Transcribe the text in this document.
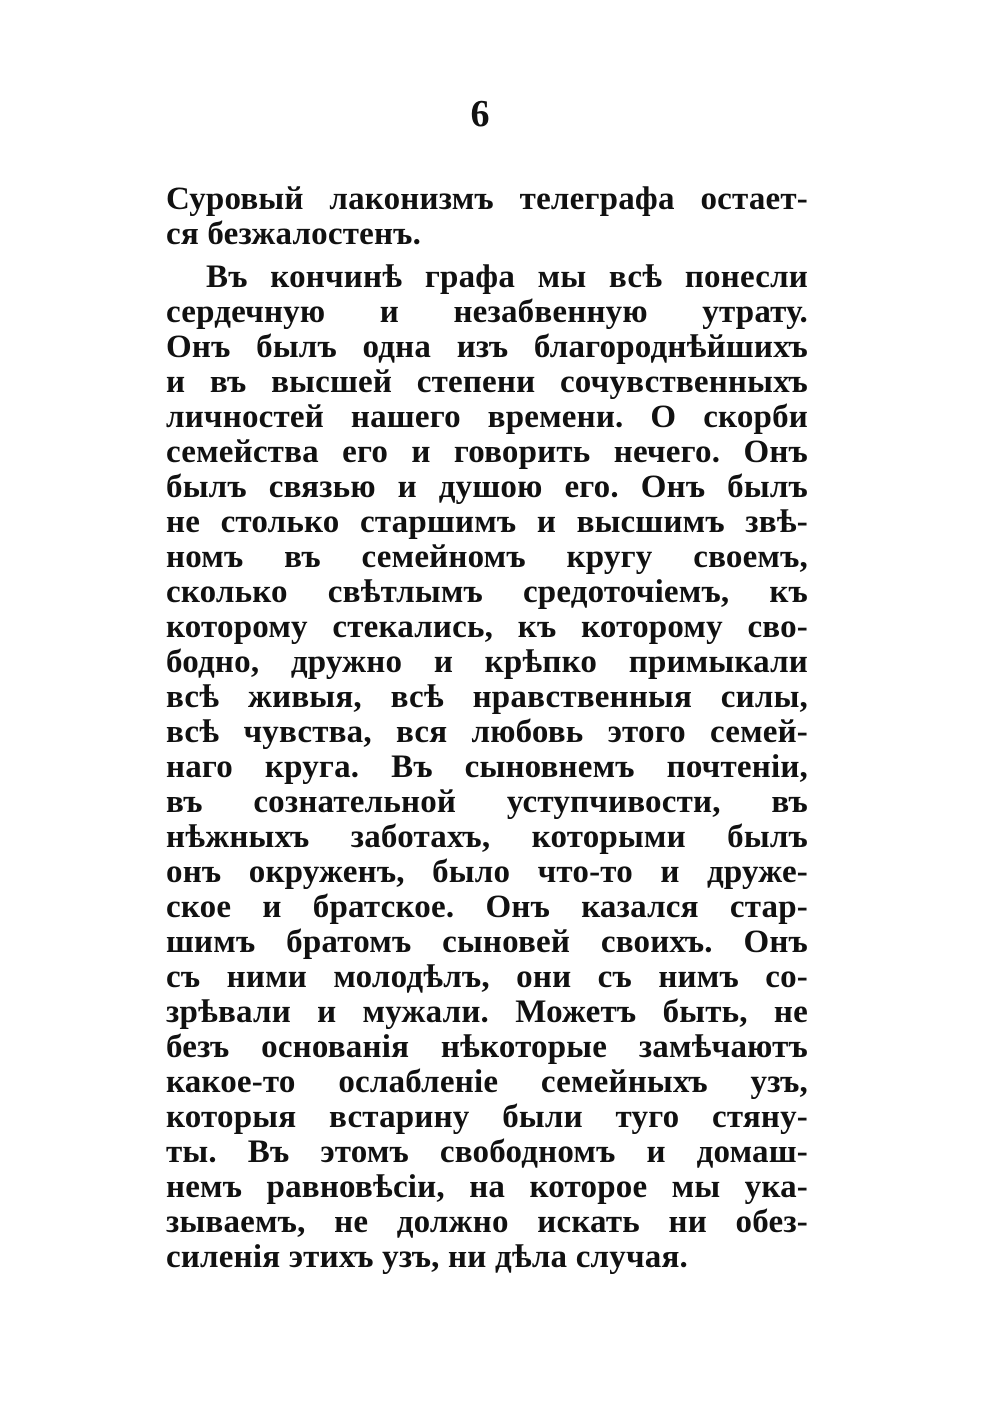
6
Суровый лаконизмъ телеграфа остает-
ся безжалостенъ.
Въ кончинѣ графа мы всѣ понесли
сердечную и незабвенную утрату.
Онъ былъ одна изъ благороднѣйшихъ
и въ высшей степени сочувственныхъ
личностей нашего времени. О скорби
семейства его и говорить нечего. Онъ
былъ связью и душою его. Онъ былъ
не столько старшимъ и высшимъ звѣ-
номъ въ семейномъ кругу своемъ,
сколько свѣтлымъ средоточіемъ, къ
которому стекались, къ которому сво-
бодно, дружно и крѣпко примыкали
всѣ живыя, всѣ нравственныя силы,
всѣ чувства, вся любовь этого семей-
наго круга. Въ сыновнемъ почтеніи,
въ сознательной уступчивости, въ
нѣжныхъ заботахъ, которыми былъ
онъ окруженъ, было что-то и друже-
ское и братское. Онъ казался стар-
шимъ братомъ сыновей своихъ. Онъ
съ ними молодѣлъ, они съ нимъ со-
зрѣвали и мужали. Можетъ быть, не
безъ основанія нѣкоторые замѣчаютъ
какое-то ослабленіе семейныхъ узъ,
которыя встарину были туго стяну-
ты. Въ этомъ свободномъ и домаш-
немъ равновѣсіи, на которое мы ука-
зываемъ, не должно искать ни обез-
силенія этихъ узъ, ни дѣла случая.
